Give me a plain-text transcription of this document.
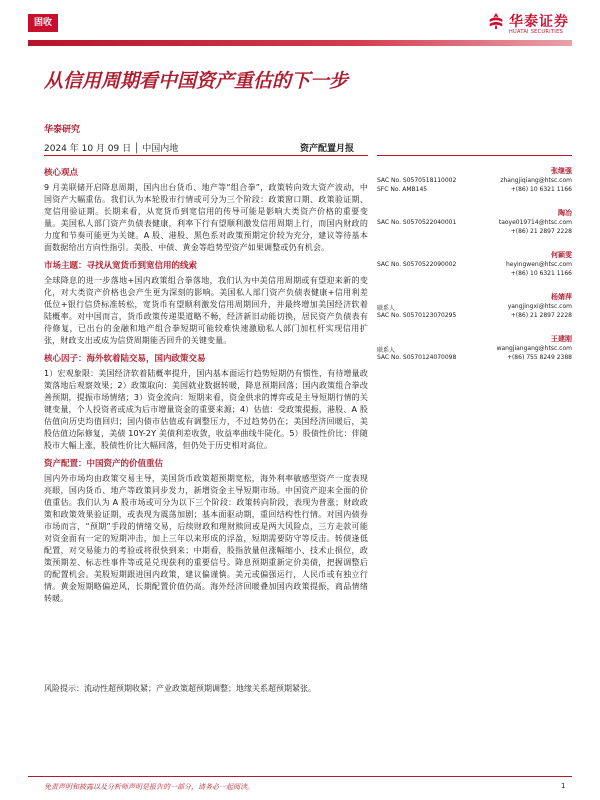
固收	华泰证券
HUATAI SECURITIES
从信用周期看中国资产重估的下一步
华泰研究
2024 年 10 月 09 日 │ 中国内地	资产配置月报
核心观点

9 月美联储开启降息周期，国内出台货币、地产等“组合拳”，政策转向效大资产波动，中国资产大幅重估。我们认为本轮股市行情或可分为三个阶段：政策窗口期、政策验证期、宽信用验证期。长期来看，从宽货币到宽信用的传导可能是影响大类资产价格的重要变量。美国私人部门资产负债表健康，利率下行有望顺利激发信用周期上行，而国内财政的力度和节奏可能更为关键。A 股、港股、黑色系对政策预期定价较为充分，建议等待基本面数据给出方向性指引。美股、中债、黄金等趋势型资产如果调整或仍有机会。

市场主题：寻找从宽货币到宽信用的线索

全球降息的进一步落地+国内政策组合拳落地，我们认为中美信用周期或有望迎来新的变化，对大类资产价格也会产生更为深刻的影响。美国私人部门资产负债表健康+信用利差低位+银行信贷标准转松，宽货币有望顺利激发信用周期回升，并最终增加美国经济软着陆概率。对中国而言，货币政策传递渠道略不畅，经济新旧动能切换，居民资产负债表有待修复，已出台的金融和地产组合拳短期可能较难快速激励私人部门加杠杆实现信用扩张，财政支出或成为信贷周期能否回升的关键变量。

核心因子：海外软着陆交易，国内政策交易

1）宏观象限：美国经济软着陆概率提升，国内基本面运行趋势短期仍有惯性，有待增量政策落地后观察效果；2）政策取向：美国就业数据转暖，降息预期回落；国内政策组合拳改善预期，提振市场情绪；3）资金流向：短期来看，资金供求的博弈或是主导短期行情的关键变量，个人投资者或成为后市增量资金的重要来源；4）估值：受政策提振，港股、A 股估值向历史均值回归；国内债市估值或有调整压力，不过趋势仍在；美国经济回暖后，美股估值边际修复，美债 10Y-2Y 美债利差收敛，收益率曲线牛陡化。5）股债性价比：伴随股市大幅上涨，股债性价比大幅回落，但仍处于历史相对高位。

资产配置：中国资产的价值重估

国内外市场均由政策交易主导，美国货币政策超预期宽松，海外利率敏感型资产一度表现亮眼，国内货币、地产等政策同步发力，新增资金主导短期市场。中国资产迎来全面的价值重估。我们认为 A 股市场或可分为以下三个阶段：政策转向阶段，表现为普涨；财政政策和政策效果验证期，或表现为震荡加剧；基本面驱动期，重回结构性行情。对国内债券市场而言，“预期”手段的情绪交易，后续财政和理财赎回或是两大风险点，三方走款可能对资金面有一定的短期冲击，加上三年以来形成的浮盈，短期需要防守等反击。转债逢低配置，对交易能力的考验或将很快到来；中期看，股指放量但涨幅缩小、技术止损位，政策预期差、标志性事件等或是兑现获利的重要信号。降息预期重新定价美债，把握调整后的配置机会。美股短期跟进国内政策，建议偏谨慎。美元或偏强运行，人民币或有独立行情。黄金短期略偏逆风，长期配置价值仍高。海外经济回暖叠加国内政策提振，商品情绪转暖。

风险提示：流动性超预期收紧；产业政策超预期调整；地缘关系超预期紧张。
张继强
SAC No. S0570518110002
SFC No. AMB145
zhangjiqiang@htsc.com
+(86) 10 6321 1166
陶冶
SAC No. S0570522040001	taoye019714@htsc.com
+(86) 21 2897 2228
何颖雯
SAC No. S0570522090002	heyingwen@htsc.com
+(86) 10 6321 1166
杨婧萍
联系人
SAC No. S0570123070295
yangjingxi@htsc.com
+(86) 21 2897 2228
王建刚
联系人
SAC No. S0570124070098
wangjiangang@htsc.com
+(86) 755 8249 2388
免责声明和披露以及分析师声明是报告的一部分，请务必一起阅读。	1
